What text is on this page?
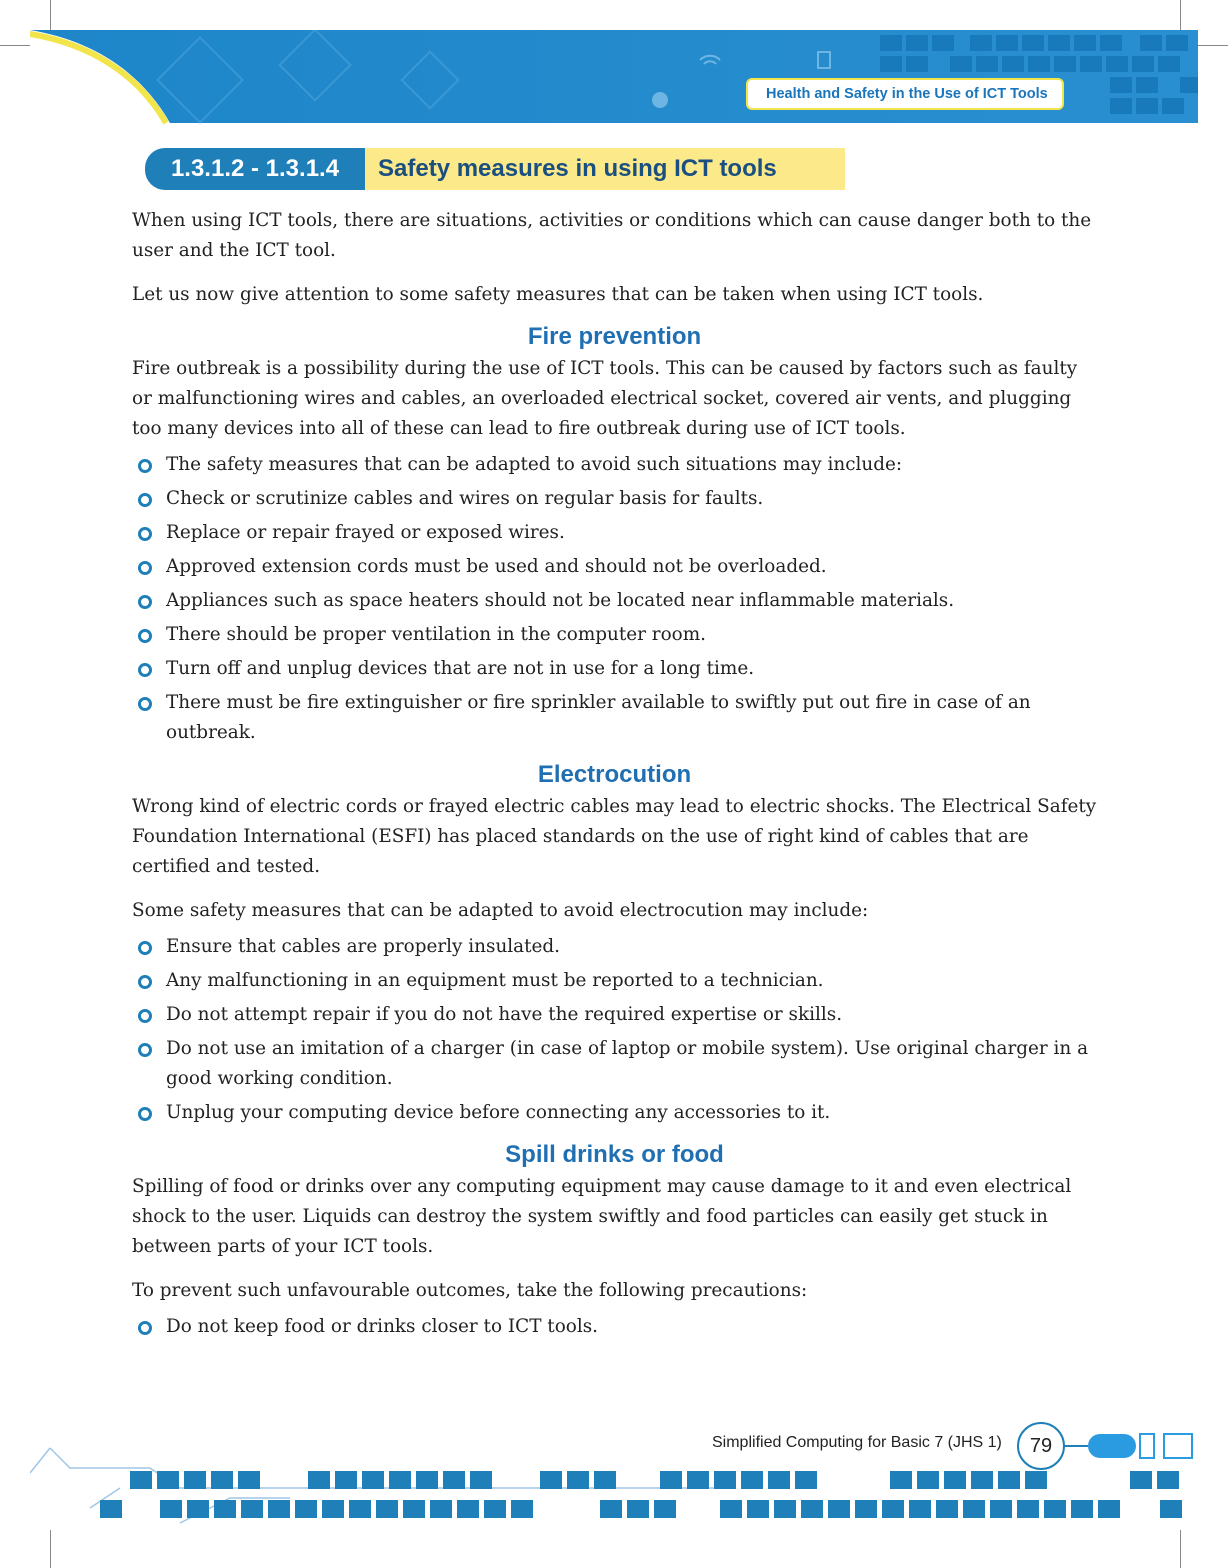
Health and Safety in the Use of ICT Tools
Safety measures in using ICT tools
1.3.1.2 - 1.3.1.4

When using ICT tools, there are situations, activities or conditions which can cause danger both to the user and the ICT tool.

Let us now give attention to some safety measures that can be taken when using ICT tools.

Fire prevention

Fire outbreak is a possibility during the use of ICT tools. This can be caused by factors such as faulty or malfunctioning wires and cables, an overloaded electrical socket, covered air vents, and plugging too many devices into all of these can lead to fire outbreak during use of ICT tools.

The safety measures that can be adapted to avoid such situations may include:
Check or scrutinize cables and wires on regular basis for faults.
Replace or repair frayed or exposed wires.
Approved extension cords must be used and should not be overloaded.
Appliances such as space heaters should not be located near inflammable materials.
There should be proper ventilation in the computer room.
Turn off and unplug devices that are not in use for a long time.
There must be fire extinguisher or fire sprinkler available to swiftly put out fire in case of an outbreak.
Electrocution

Wrong kind of electric cords or frayed electric cables may lead to electric shocks. The Electrical Safety Foundation International (ESFI) has placed standards on the use of right kind of cables that are certified and tested.

Some safety measures that can be adapted to avoid electrocution may include:

Ensure that cables are properly insulated.
Any malfunctioning in an equipment must be reported to a technician.
Do not attempt repair if you do not have the required expertise or skills.
Do not use an imitation of a charger (in case of laptop or mobile system). Use original charger in a good working condition.
Unplug your computing device before connecting any accessories to it.
Spill drinks or food

Spilling of food or drinks over any computing equipment may cause damage to it and even electrical shock to the user. Liquids can destroy the system swiftly and food particles can easily get stuck in between parts of your ICT tools.

To prevent such unfavourable outcomes, take the following precautions:

Do not keep food or drinks closer to ICT tools.
Simplified Computing for Basic 7 (JHS 1)	79
